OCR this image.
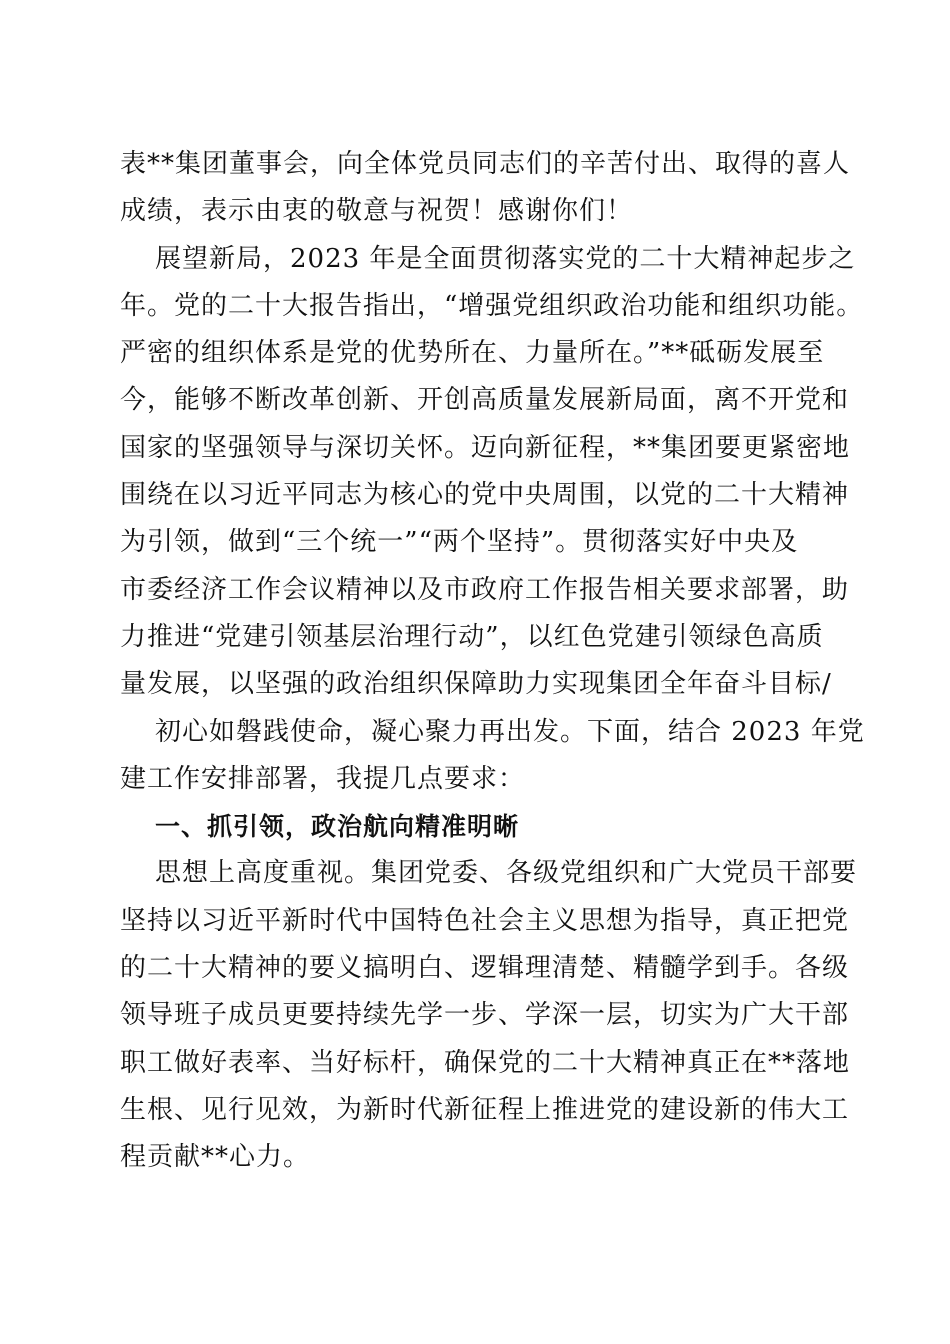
表**集团董事会，向全体党员同志们的辛苦付出、取得的喜人
成绩，表示由衷的敬意与祝贺！感谢你们！
展望新局，2023 年是全面贯彻落实党的二十大精神起步之
年。党的二十大报告指出，“增强党组织政治功能和组织功能。
严密的组织体系是党的优势所在、力量所在。”**砥砺发展至
今，能够不断改革创新、开创高质量发展新局面，离不开党和
国家的坚强领导与深切关怀。迈向新征程，**集团要更紧密地
围绕在以习近平同志为核心的党中央周围，以党的二十大精神
为引领，做到“三个统一”“两个坚持”。贯彻落实好中央及
市委经济工作会议精神以及市政府工作报告相关要求部署，助
力推进“党建引领基层治理行动”，以红色党建引领绿色高质
量发展，以坚强的政治组织保障助力实现集团全年奋斗目标/
初心如磐践使命，凝心聚力再出发。下面，结合 2023 年党
建工作安排部署，我提几点要求：
一、抓引领，政治航向精准明晰
思想上高度重视。集团党委、各级党组织和广大党员干部要
坚持以习近平新时代中国特色社会主义思想为指导，真正把党
的二十大精神的要义搞明白、逻辑理清楚、精髓学到手。各级
领导班子成员更要持续先学一步、学深一层，切实为广大干部
职工做好表率、当好标杆，确保党的二十大精神真正在**落地
生根、见行见效，为新时代新征程上推进党的建设新的伟大工
程贡献**心力。
